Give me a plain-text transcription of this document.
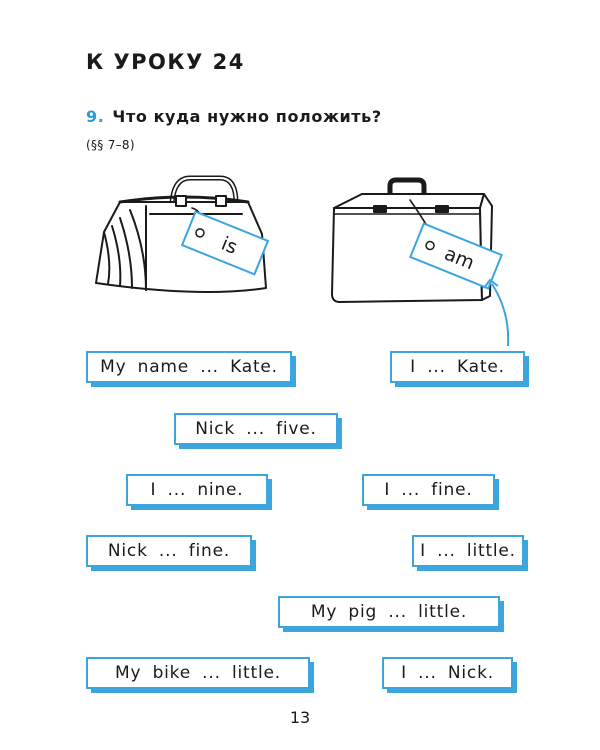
К УРОКУ 24
9. Что куда нужно положить?
(§§ 7–8)
is	am
My name ... Kate.	I ... Kate.
Nick ... five.
I ... nine.	I ... fine.
Nick ... fine.	I ... little.
My pig ... little.
My bike ... little.	I ... Nick.
13
